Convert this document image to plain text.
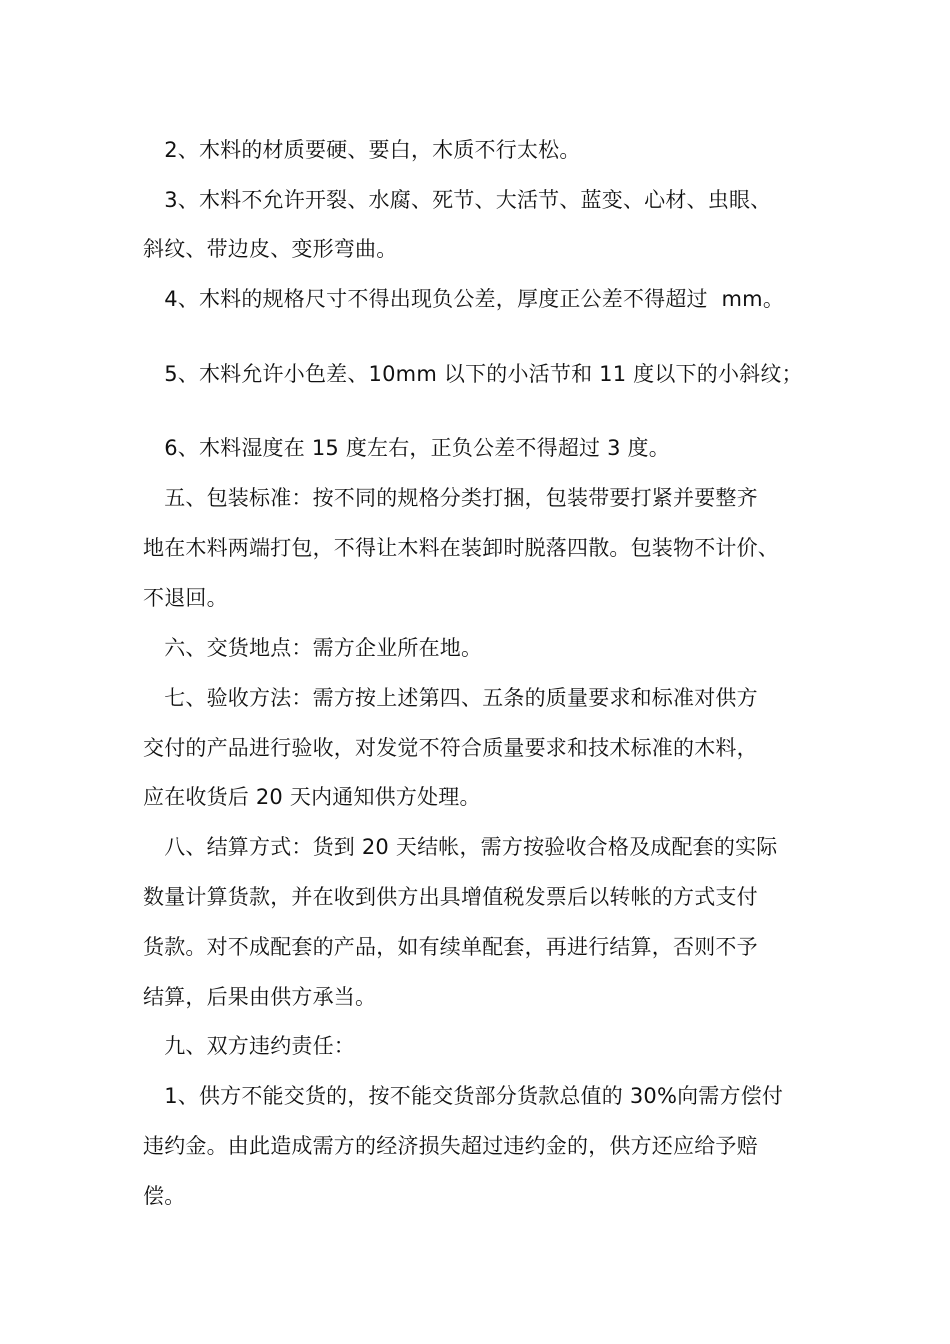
　2、木料的材质要硬、要白，木质不行太松。
　3、木料不允许开裂、水腐、死节、大活节、蓝变、心材、虫眼、
斜纹、带边皮、变形弯曲。
　4、木料的规格尺寸不得出现负公差，厚度正公差不得超过  mm。
　5、木料允许小色差、10mm 以下的小活节和 11 度以下的小斜纹；
　6、木料湿度在 15 度左右，正负公差不得超过 3 度。
　五、包装标准：按不同的规格分类打捆，包装带要打紧并要整齐
地在木料两端打包，不得让木料在装卸时脱落四散。包装物不计价、
不退回。
　六、交货地点：需方企业所在地。
　七、验收方法：需方按上述第四、五条的质量要求和标准对供方
交付的产品进行验收，对发觉不符合质量要求和技术标准的木料，
应在收货后 20 天内通知供方处理。
　八、结算方式：货到 20 天结帐，需方按验收合格及成配套的实际
数量计算货款，并在收到供方出具增值税发票后以转帐的方式支付
货款。对不成配套的产品，如有续单配套，再进行结算，否则不予
结算，后果由供方承当。
　九、双方违约责任：
　1、供方不能交货的，按不能交货部分货款总值的 30%向需方偿付
违约金。由此造成需方的经济损失超过违约金的，供方还应给予赔
偿。
